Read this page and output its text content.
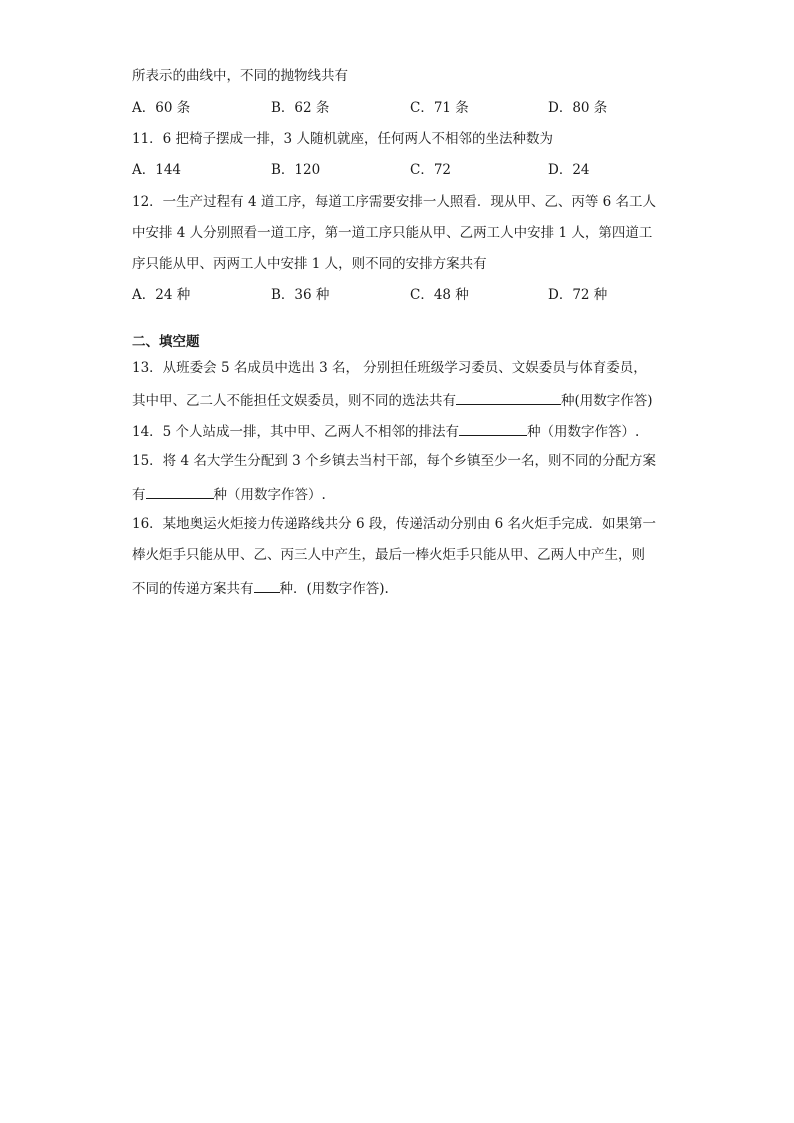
所表示的曲线中，不同的抛物线共有
A．60 条	B．62 条	C．71 条	D．80 条
11．6 把椅子摆成一排，3 人随机就座，任何两人不相邻的坐法种数为
A．144	B．120	C．72	D．24
12．一生产过程有 4 道工序，每道工序需要安排一人照看．现从甲、乙、丙等 6 名工人
中安排 4 人分别照看一道工序，第一道工序只能从甲、乙两工人中安排 1 人，第四道工
序只能从甲、丙两工人中安排 1 人，则不同的安排方案共有
A．24 种	B．36 种	C．48 种	D．72 种
二、填空题
13．从班委会 5 名成员中选出 3 名， 分别担任班级学习委员、文娱委员与体育委员，
其中甲、乙二人不能担任文娱委员，则不同的选法共有	种(用数字作答)
14．5 个人站成一排，其中甲、乙两人不相邻的排法有	种（用数字作答）.
15．将 4 名大学生分配到 3 个乡镇去当村干部，每个乡镇至少一名，则不同的分配方案
有	种（用数字作答）.
16．某地奥运火炬接力传递路线共分 6 段，传递活动分别由 6 名火炬手完成．如果第一
棒火炬手只能从甲、乙、丙三人中产生，最后一棒火炬手只能从甲、乙两人中产生，则
不同的传递方案共有 种．(用数字作答).
